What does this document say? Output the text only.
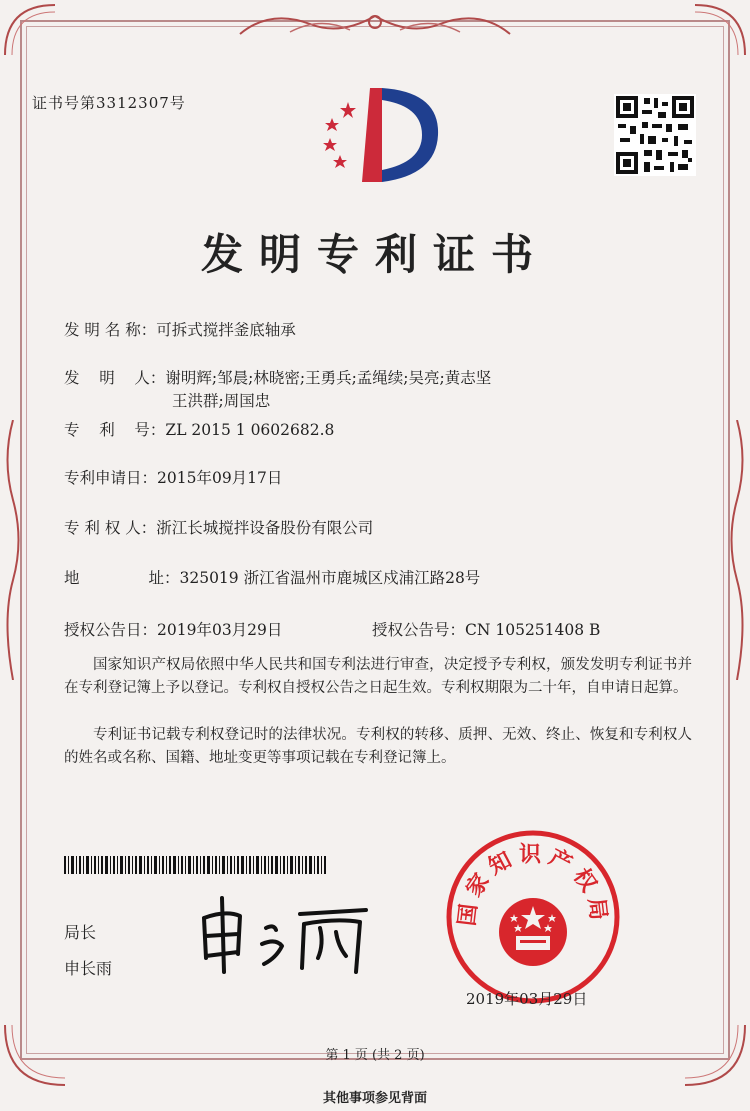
证书号第3312307号
发明专利证书
发 明 名 称：可拆式搅拌釜底轴承
发    明    人：谢明辉;邹晨;林晓密;王勇兵;孟绳续;吴亮;黄志坚
王洪群;周国忠
专    利    号：ZL 2015 1 0602682.8
专利申请日：2015年09月17日
专 利 权 人：浙江长城搅拌设备股份有限公司
地              址：325019 浙江省温州市鹿城区戍浦江路28号
授权公告日：2019年03月29日	授权公告号：CN 105251408 B
国家知识产权局依照中华人民共和国专利法进行审查，决定授予专利权，颁发发明专利证书并在专利登记簿上予以登记。专利权自授权公告之日起生效。专利权期限为二十年，自申请日起算。
专利证书记载专利权登记时的法律状况。专利权的转移、质押、无效、终止、恢复和专利权人的姓名或名称、国籍、地址变更等事项记载在专利登记簿上。
局长
申长雨
国家知识产权局
2019年03月29日
第 1 页 (共 2 页)
其他事项参见背面
